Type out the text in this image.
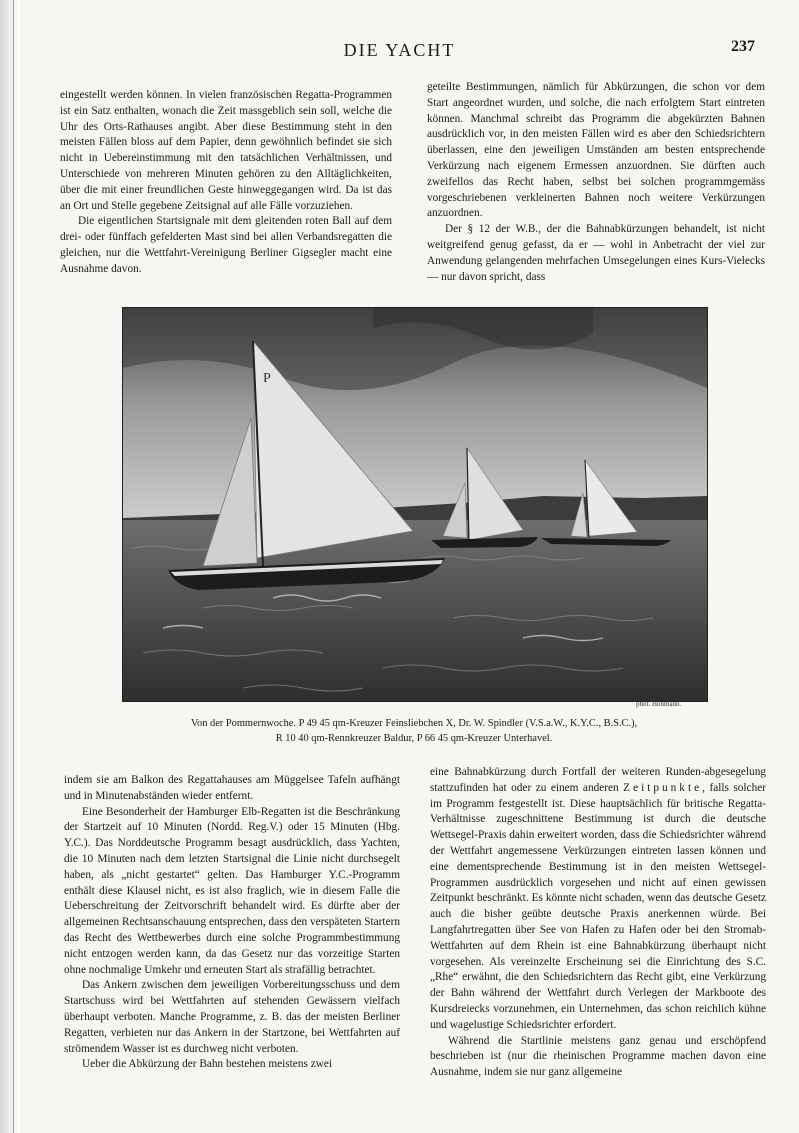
DIE YACHT	237

eingestellt werden können. In vielen französischen Regatta-Programmen ist ein Satz enthalten, wonach die Zeit massgeblich sein soll, welche die Uhr des Orts-Rathauses angibt. Aber diese Bestimmung steht in den meisten Fällen bloss auf dem Papier, denn gewöhnlich befindet sie sich nicht in Uebereinstimmung mit den tatsächlichen Verhältnissen, und Unterschiede von mehreren Minuten gehören zu den Alltäglichkeiten, über die mit einer freundlichen Geste hinweggegangen wird. Da ist das an Ort und Stelle gegebene Zeitsignal auf alle Fälle vorzuziehen.

Die eigentlichen Startsignale mit dem gleitenden roten Ball auf dem drei- oder fünffach gefelderten Mast sind bei allen Verbandsregatten die gleichen, nur die Wettfahrt-Vereinigung Berliner Gigsegler macht eine Ausnahme davon.

geteilte Bestimmungen, nämlich für Abkürzungen, die schon vor dem Start angeordnet wurden, und solche, die nach erfolgtem Start eintreten können. Manchmal schreibt das Programm die abgekürzten Bahnen ausdrücklich vor, in den meisten Fällen wird es aber den Schiedsrichtern überlassen, eine den jeweiligen Umständen am besten entsprechende Verkürzung nach eigenem Ermessen anzuordnen. Sie dürften auch zweifellos das Recht haben, selbst bei solchen programmgemäss vorgeschriebenen verkleinerten Bahnen noch weitere Verkürzungen anzuordnen.

Der § 12 der W.B., der die Bahnabkürzungen behandelt, ist nicht weitgreifend genug gefasst, da er — wohl in Anbetracht der viel zur Anwendung gelangenden mehrfachen Umsegelungen eines Kurs-Vielecks — nur davon spricht, dass

P
phot. Hohmann.
Von der Pommernwoche. P 49 45 qm-Kreuzer Feinsliebchen X, Dr. W. Spindler (V.S.a.W., K.Y.C., B.S.C.),
R 10 40 qm-Rennkreuzer Baldur, P 66 45 qm-Kreuzer Unterhavel.

indem sie am Balkon des Regattahauses am Müggelsee Tafeln aufhängt und in Minutenabständen wieder entfernt.

Eine Besonderheit der Hamburger Elb-Regatten ist die Beschränkung der Startzeit auf 10 Minuten (Nordd. Reg.V.) oder 15 Minuten (Hbg. Y.C.). Das Norddeutsche Programm besagt ausdrücklich, dass Yachten, die 10 Minuten nach dem letzten Startsignal die Linie nicht durchsegelt haben, als „nicht gestartet“ gelten. Das Hamburger Y.C.-Programm enthält diese Klausel nicht, es ist also fraglich, wie in diesem Falle die Ueberschreitung der Zeitvorschrift behandelt wird. Es dürfte aber der allgemeinen Rechtsanschauung entsprechen, dass den verspäteten Startern das Recht des Wettbewerbes durch eine solche Programmbestimmung nicht entzogen werden kann, da das Gesetz nur das vorzeitige Starten ohne nochmalige Umkehr und erneuten Start als strafällig betrachtet.

Das Ankern zwischen dem jeweiligen Vorbereitungsschuss und dem Startschuss wird bei Wettfahrten auf stehenden Gewässern vielfach überhaupt verboten. Manche Programme, z. B. das der meisten Berliner Regatten, verbieten nur das Ankern in der Startzone, bei Wettfahrten auf strömendem Wasser ist es durchweg nicht verboten.

Ueber die Abkürzung der Bahn bestehen meistens zwei

eine Bahnabkürzung durch Fortfall der weiteren Runden-abgesegelung stattzufinden hat oder zu einem anderen Zeitpunkte, falls solcher im Programm festgestellt ist. Diese hauptsächlich für britische Regatta-Verhältnisse zugeschnittene Bestimmung ist durch die deutsche Wettsegel-Praxis dahin erweitert worden, dass die Schiedsrichter während der Wettfahrt angemessene Verkürzungen eintreten lassen können und eine dementsprechende Bestimmung ist in den meisten Wettsegel-Programmen ausdrücklich vorgesehen und nicht auf einen gewissen Zeitpunkt beschränkt. Es könnte nicht schaden, wenn das deutsche Gesetz auch die bisher geübte deutsche Praxis anerkennen würde. Bei Langfahrtregatten über See von Hafen zu Hafen oder bei den Stromab-Wettfahrten auf dem Rhein ist eine Bahnabkürzung überhaupt nicht vorgesehen. Als vereinzelte Erscheinung sei die Einrichtung des S.C. „Rhe“ erwähnt, die den Schiedsrichtern das Recht gibt, eine Verkürzung der Bahn während der Wettfahrt durch Verlegen der Markboote des Kursdreiecks vorzunehmen, ein Unternehmen, das schon reichlich kühne und wagelustige Schiedsrichter erfordert.

Während die Startlinie meistens ganz genau und erschöpfend beschrieben ist (nur die rheinischen Programme machen davon eine Ausnahme, indem sie nur ganz allgemeine
